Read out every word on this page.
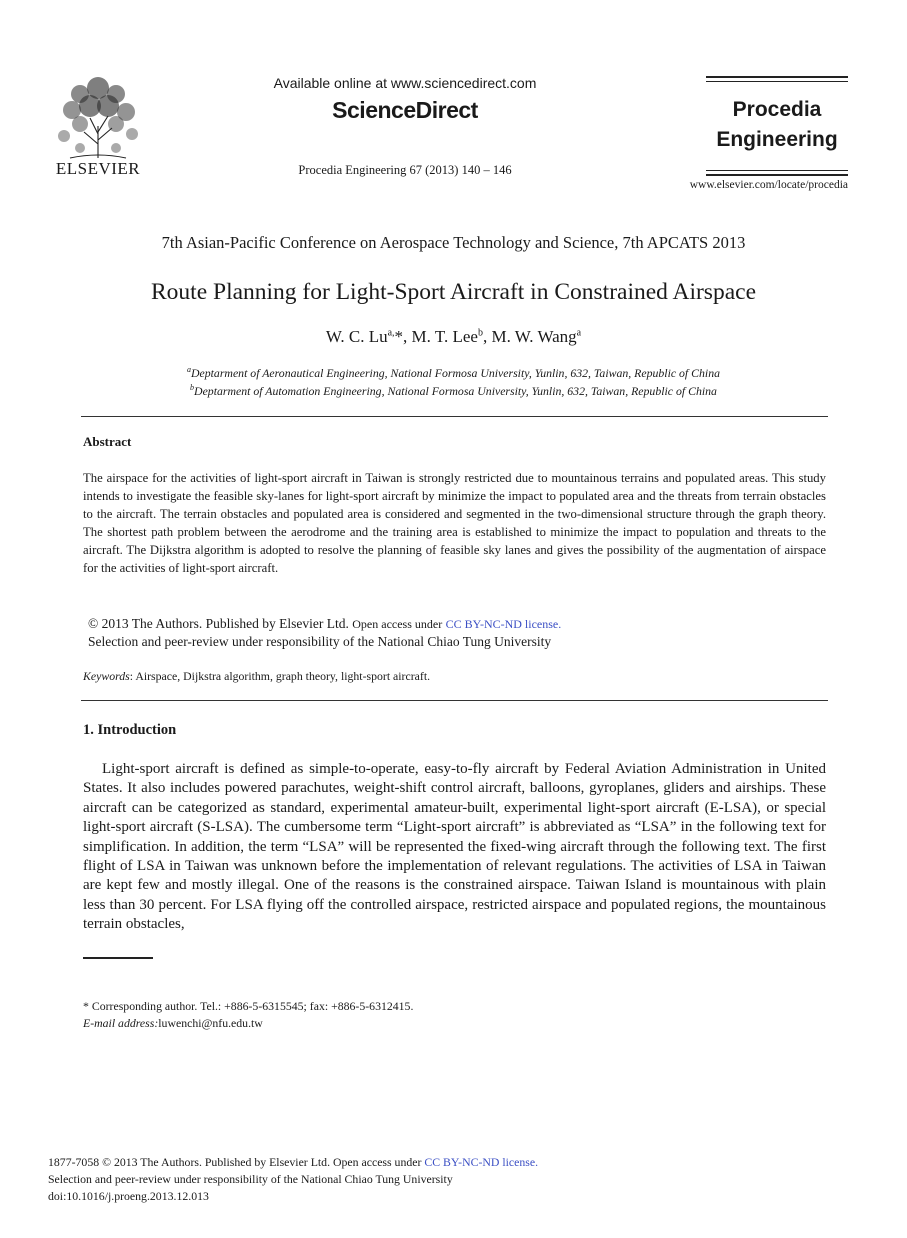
ELSEVIER
Available online at www.sciencedirect.com
ScienceDirect
Procedia Engineering 67 (2013) 140 – 146
Procedia
Engineering
www.elsevier.com/locate/procedia
7th Asian-Pacific Conference on Aerospace Technology and Science, 7th APCATS 2013
Route Planning for Light-Sport Aircraft in Constrained Airspace
W. C. $Lu^{a,}*$, M. T. Lee$^b$, M. W. Wang$^a$
$^a$Deptarment of Aeronautical Engineering, National Formosa University, Yunlin, 632, Taiwan, Republic of China
$^b$Deptarment of Automation Engineering, National Formosa University, Yunlin, 632, Taiwan, Republic of China
Abstract

The airspace for the activities of light-sport aircraft in Taiwan is strongly restricted due to mountainous terrains and populated areas. This study intends to investigate the feasible sky-lanes for light-sport aircraft by minimize the impact to populated area and the threats from terrain obstacles to the aircraft. The terrain obstacles and populated area is considered and segmented in the two-dimensional structure through the graph theory. The shortest path problem between the aerodrome and the training area is established to minimize the impact to population and threats to the aircraft. The Dijkstra algorithm is adopted to resolve the planning of feasible sky lanes and gives the possibility of the augmentation of airspace for the activities of light-sport aircraft.

© 2013 The Authors. Published by Elsevier Ltd. Open access under CC BY-NC-ND license.
Selection and peer-review under responsibility of the National Chiao Tung University
Keywords: Airspace, Dijkstra algorithm, graph theory, light-sport aircraft.
1. Introduction

Light-sport aircraft is defined as simple-to-operate, easy-to-fly aircraft by Federal Aviation Administration in United States. It also includes powered parachutes, weight-shift control aircraft, balloons, gyroplanes, gliders and airships. These aircraft can be categorized as standard, experimental amateur-built, experimental light-sport aircraft (E-LSA), or special light-sport aircraft (S-LSA). The cumbersome term “Light-sport aircraft” is abbreviated as “LSA” in the following text for simplification. In addition, the term “LSA” will be represented the fixed-wing aircraft through the following text. The first flight of LSA in Taiwan was unknown before the implementation of relevant regulations. The activities of LSA in Taiwan are kept few and mostly illegal. One of the reasons is the constrained airspace. Taiwan Island is mountainous with plain less than 30 percent. For LSA flying off the controlled airspace, restricted airspace and populated regions, the mountainous terrain obstacles,

* Corresponding author. Tel.: +886-5-6315545; fax: +886-5-6312415.
E-mail address:luwenchi@nfu.edu.tw
1877-7058 © 2013 The Authors. Published by Elsevier Ltd. Open access under CC BY-NC-ND license.
Selection and peer-review under responsibility of the National Chiao Tung University
doi:10.1016/j.proeng.2013.12.013
